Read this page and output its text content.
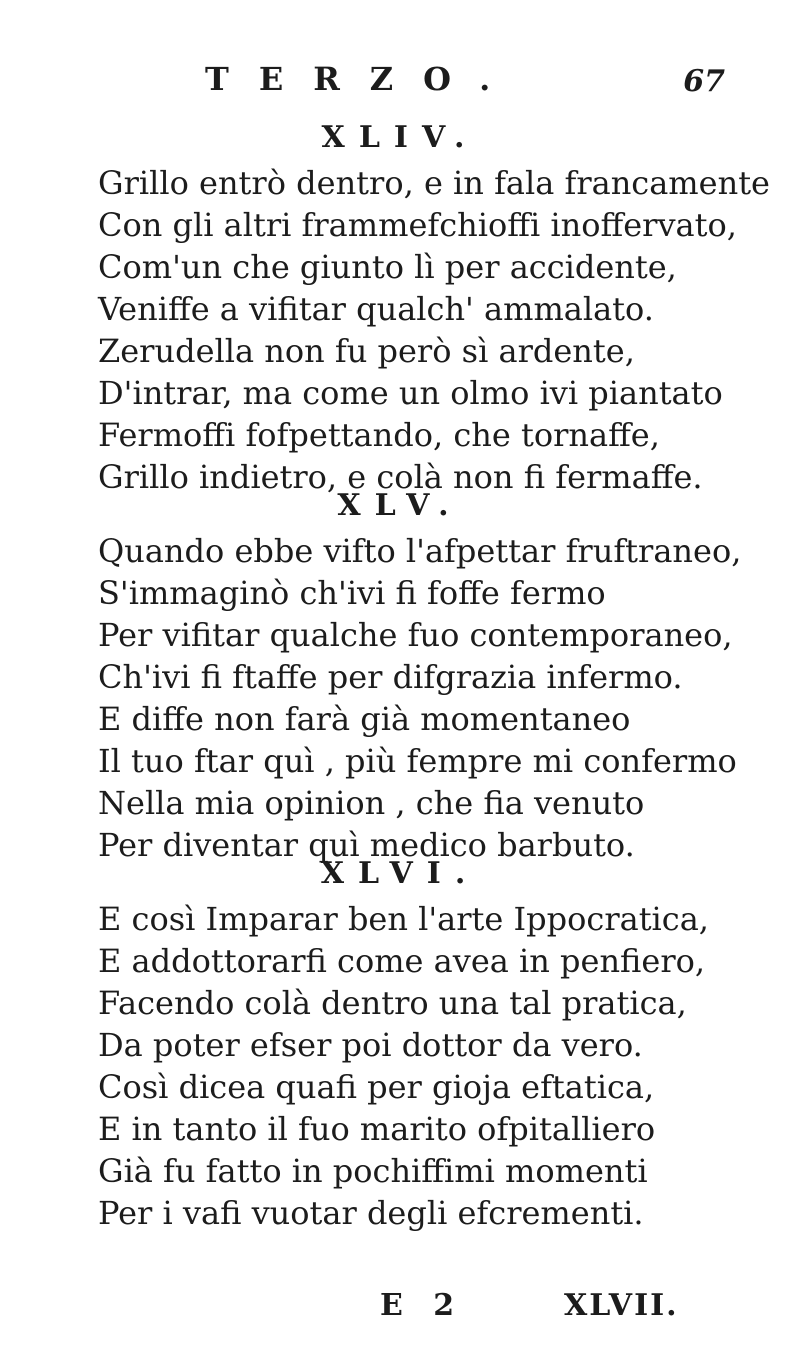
TERZO.	67
XLIV.
Grillo entrò dentro, e in fala francamente
Con gli altri frammefchioffi inoffervato,
Com'un che giunto lì per accidente,
Veniffe a vifitar qualch' ammalato.
Zerudella non fu però sì ardente,
D'intrar, ma come un olmo ivi piantato
Fermoffi fofpettando, che tornaffe,
Grillo indietro, e colà non fi fermaffe.
XLV.
Quando ebbe vifto l'afpettar fruftraneo,
S'immaginò ch'ivi fi foffe fermo
Per vifitar qualche fuo contemporaneo,
Ch'ivi fi ftaffe per difgrazia infermo.
E diffe non farà già momentaneo
Il tuo ftar quì , più fempre mi confermo
Nella mia opinion , che fia venuto
Per diventar quì medico barbuto.
XLVI.
E così Imparar ben l'arte Ippocratica,
E addottorarfi come avea in penfiero,
Facendo colà dentro una tal pratica,
Da poter efser poi dottor da vero.
Così dicea quafi per gioja eftatica,
E in tanto il fuo marito ofpitalliero
Già fu fatto in pochiffimi momenti
Per i vafi vuotar degli efcrementi.
E 2	XLVII.
